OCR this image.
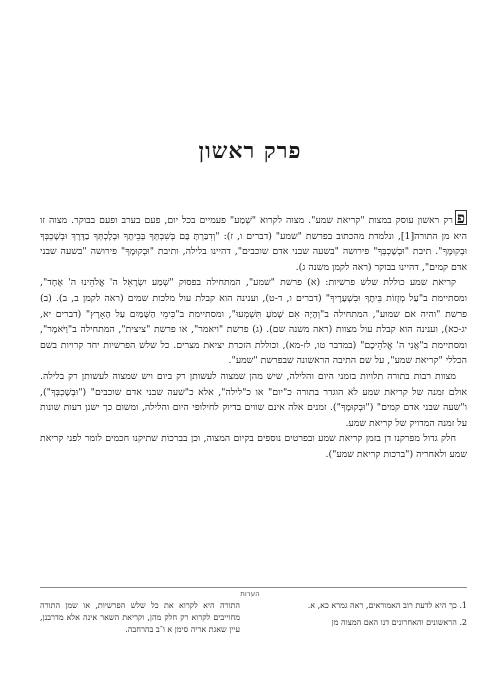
פרק ראשון

פרק ראשון עוסק במצות "קריאת שמע". מצוה לקרוא "שְׁמַע" פעמיים בכל יום, פעם בערב ופעם בבוקר. מצוה זו היא מן התורה[1], ונלמדת מהכתוב בפרשת "שמע" (דברים ו, ז): "וְדִבַּרְתָּ בָּם בְּשִׁבְתְּךָ בְּבֵיתֶךָ וּבְלֶכְתְּךָ בַדֶּרֶךְ וּבְשָׁכְבְּךָ וּבְקוּמֶךָ". תיבת "וּבְשָׁכְבְּךָ" פירושה "בשעה שבני אדם שוכבים", דהיינו בלילה, ותיבת "וּבְקוּמֶךָ" פירושה "בשעה שבני אדם קמים", דהיינו בבוקר (ראה לקמן משנה ג).

קריאת שמע כוללת שלש פרשיות: (א) פרשת "שמע", המתחילה בפסוק "שְׁמַע יִשְׂרָאֵל ה' אֱלֹהֵינוּ ה' אֶחָד", ומסתיימת ב"עַל מְזֻזוֹת בֵּיתֶךָ וּבִשְׁעָרֶיךָ" (דברים ו, ד-ט), וענינה הוא קבלת עול מלכות שמים (ראה לקמן ב, ב). (ב) פרשת "והיה אם שמוע", המתחילה ב"וְהָיָה אִם שָׁמֹעַ תִּשְׁמְעוּ", ומסתיימת ב"כִּימֵי הַשָּׁמַיִם עַל הָאָרֶץ" (דברים יא, יג-כא), וענינה הוא קבלת עול מצוות (ראה משנה שם). (ג) פרשת "ויאמר", או פרשת "ציצית", המתחילה ב"וַיֹּאמֶר", ומסתיימת ב"אֲנִי ה' אֱלֹהֵיכֶם" (במדבר טו, לז-מא), וכוללת הזכרת יציאת מצרים. כל שלש הפרשיות יחד קרויות בשם הכללי "קריאת שמע", על שם התיבה הראשונה שבפרשת "שמע".

מצוות רבות בתורה תלויות בזמני היום והלילה, שיש מהן שמצוה לעשותן רק ביום ויש שמצוה לעשותן רק בלילה. אולם זמנה של קריאת שמע לא הוגדר בתורה כ"יום" או כ"לילה", אלא כ"שעה שבני אדם שוכבים" ("וּבְשָׁכְבְּךָ"), ו"שעה שבני אדם קמים" ("וּבְקוּמֶךָ"). זמנים אלה אינם שווים בדיוק לחילופי היום והלילה, ומשום כך ישנן דעות שונות על זמנה המדויק של קריאת שמע.

חלק גדול מפרקנו דן בזמן קריאת שמע ובפרטים נוספים בקיום המצוה, וכן בברכות שתיקנו חכמים לומר לפני קריאת שמע ולאחריה ("ברכות קריאת שמע").

הערות

1. כך היא לדעת רוב האמוראים, ראה גמרא כא, א.

2. הראשונים והאחרונים דנו האם המצוה מן

התורה היא לקרוא את כל שלש הפרשיות, או שמן התורה מחוייבים לקרוא רק חלק מהן, וקריאת השאר אינה אלא מדרבנן, עיין שאגת אריה סימן א ו־ב בהרחבה.
